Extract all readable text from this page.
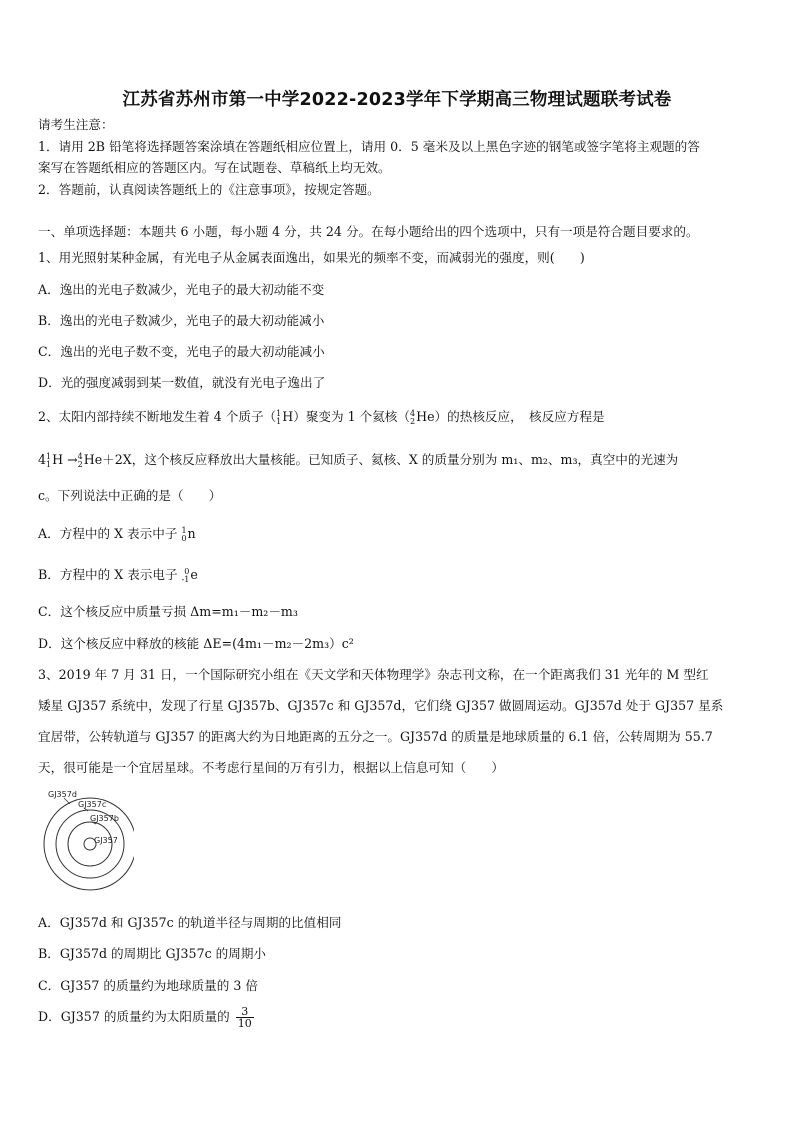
江苏省苏州市第一中学2022-2023学年下学期高三物理试题联考试卷
请考生注意：
1．请用 2B 铅笔将选择题答案涂填在答题纸相应位置上，请用 0．5 毫米及以上黑色字迹的钢笔或签字笔将主观题的答
案写在答题纸相应的答题区内。写在试题卷、草稿纸上均无效。
2．答题前，认真阅读答题纸上的《注意事项》，按规定答题。
一、单项选择题：本题共 6 小题，每小题 4 分，共 24 分。在每小题给出的四个选项中，只有一项是符合题目要求的。
1、用光照射某种金属，有光电子从金属表面逸出，如果光的频率不变，而减弱光的强度，则(　　)
A．逸出的光电子数减少，光电子的最大初动能不变
B．逸出的光电子数减少，光电子的最大初动能减小
C．逸出的光电子数不变，光电子的最大初动能减小
D．光的强度减弱到某一数值，就没有光电子逸出了
2、太阳内部持续不断地发生着 4 个质子（ 1
1 H）聚变为 1 个氦核（ 4
2 He）的热核反应，　核反应方程是
4 1
1 H → 4
2 He＋2X，这个核反应释放出大量核能。已知质子、氦核、X 的质量分别为 m₁、m₂、m₃，真空中的光速为
c。下列说法中正确的是（　　）
A．方程中的 X 表示中子 1
0 n
B．方程中的 X 表示电子 0
-1 e
C．这个核反应中质量亏损 Δm=m₁－m₂－m₃
D．这个核反应中释放的核能 ΔE=(4m₁－m₂－2m₃）c²
3、2019 年 7 月 31 日，一个国际研究小组在《天文学和天体物理学》杂志刊文称，在一个距离我们 31 光年的 M 型红
矮星 GJ357 系统中，发现了行星 GJ357b、GJ357c 和 GJ357d，它们绕 GJ357 做圆周运动。GJ357d 处于 GJ357 星系
宜居带，公转轨道与 GJ357 的距离大约为日地距离的五分之一。GJ357d 的质量是地球质量的 6.1 倍，公转周期为 55.7
天，很可能是一个宜居星球。不考虑行星间的万有引力，根据以上信息可知（　　）
GJ357d
GJ357c
GJ357b
GJ357
A．GJ357d 和 GJ357c 的轨道半径与周期的比值相同
B．GJ357d 的周期比 GJ357c 的周期小
C．GJ357 的质量约为地球质量的 3 倍
D．GJ357 的质量约为太阳质量的 $\frac{3}{10}$
